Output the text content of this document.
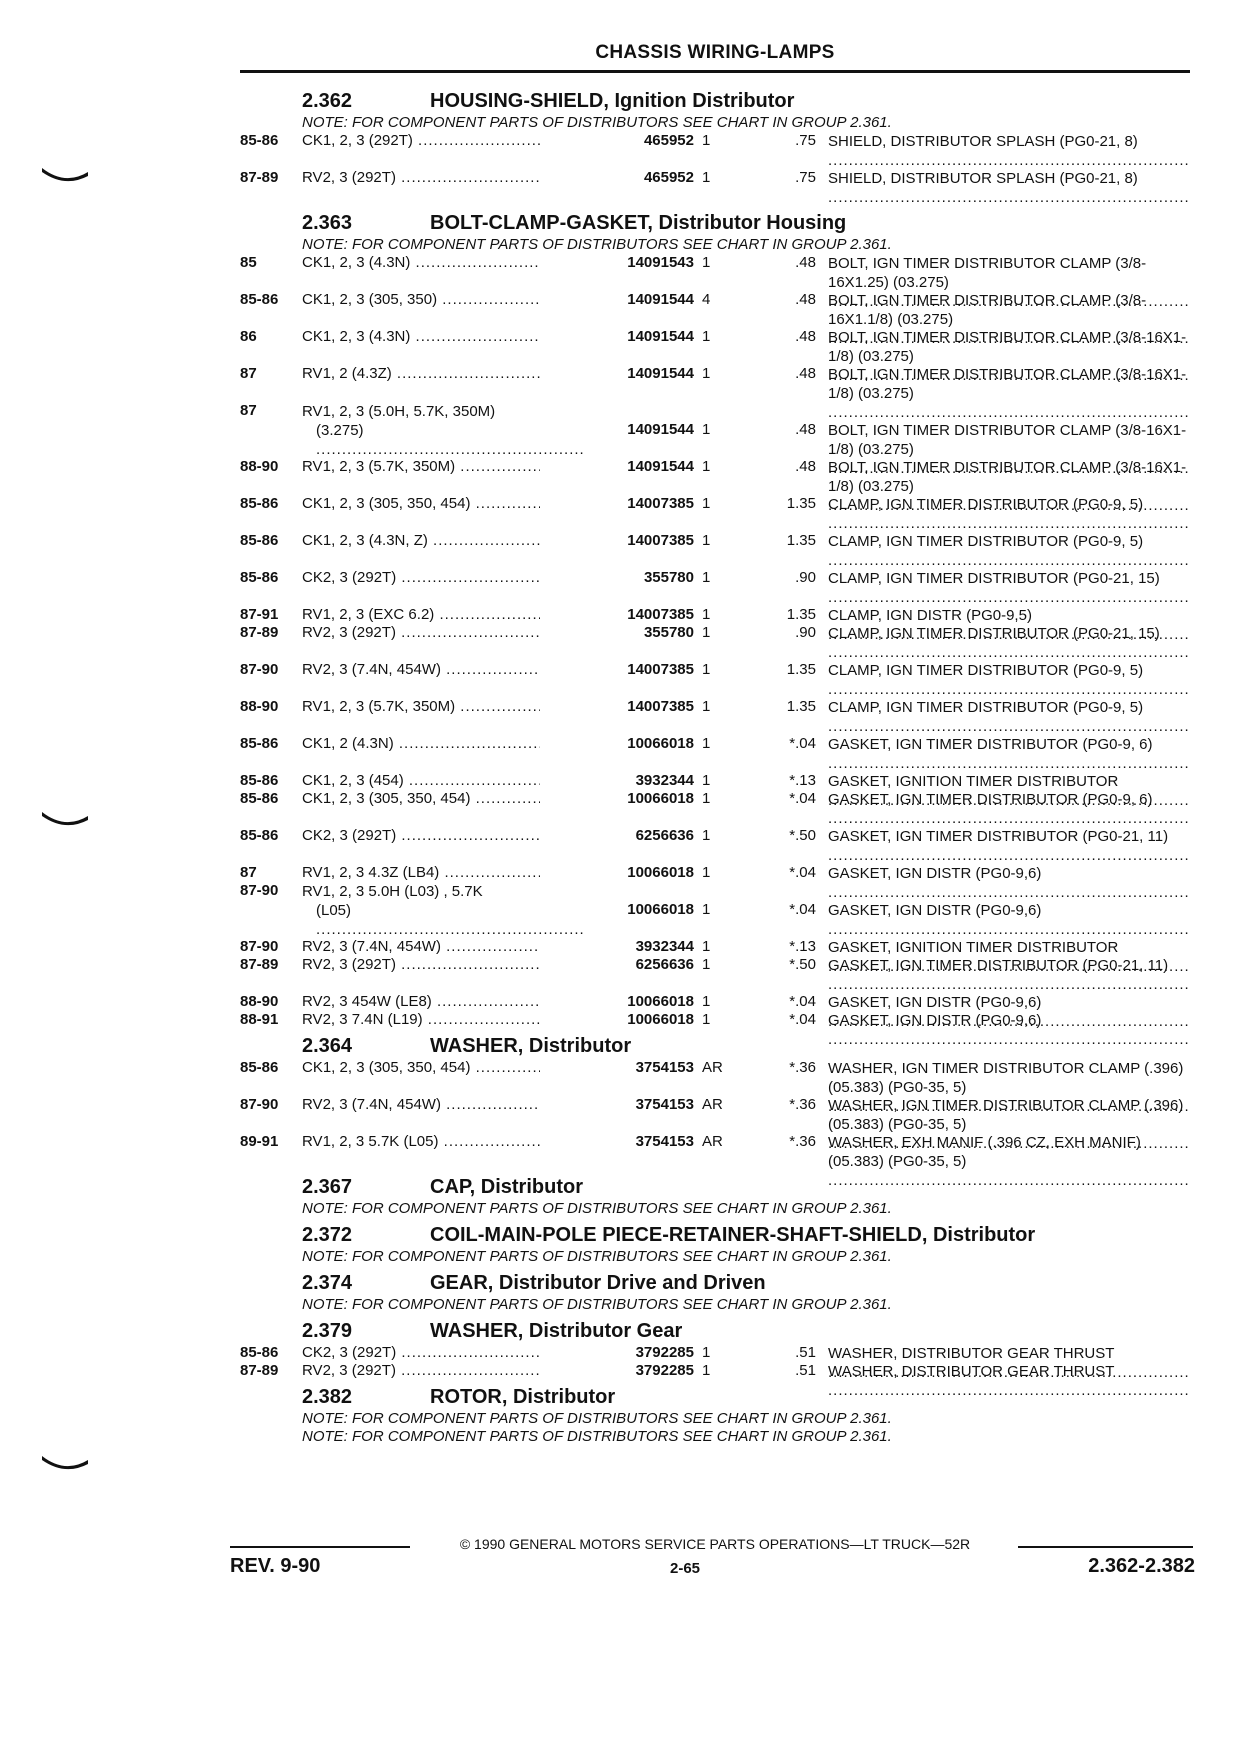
CHASSIS WIRING-LAMPS
2.362	HOUSING-SHIELD, Ignition Distributor
NOTE: FOR COMPONENT PARTS OF DISTRIBUTORS SEE CHART IN GROUP 2.361.
85-86 CK1, 2, 3 (292T) .....	465952 1	.75 SHIELD, DISTRIBUTOR SPLASH (PG0-21, 8) .....
87-89 RV2, 3 (292T) .....	465952 1	.75 SHIELD, DISTRIBUTOR SPLASH (PG0-21, 8) .....
2.363	BOLT-CLAMP-GASKET, Distributor Housing
NOTE: FOR COMPONENT PARTS OF DISTRIBUTORS SEE CHART IN GROUP 2.361.
85	CK1, 2, 3 (4.3N) .....	14091543 1	.48 BOLT, IGN TIMER DISTRIBUTOR CLAMP (3/8-16X1.25) (03.275) .....
85-86 CK1, 2, 3 (305, 350) .....	14091544 4	.48 BOLT, IGN TIMER DISTRIBUTOR CLAMP (3/8-16X1.1/8) (03.275) .....
86	CK1, 2, 3 (4.3N) .....	14091544 1	.48 BOLT, IGN TIMER DISTRIBUTOR CLAMP (3/8-16X1-1/8) (03.275) .....
87	RV1, 2 (4.3Z) .....	14091544 1	.48 BOLT, IGN TIMER DISTRIBUTOR CLAMP (3/8-16X1-1/8) (03.275) .....
87	RV1, 2, 3 (5.0H, 5.7K, 350M)
(3.275) .....	14091544 1	.48 BOLT, IGN TIMER DISTRIBUTOR CLAMP (3/8-16X1-1/8) (03.275) .....
88-90 RV1, 2, 3 (5.7K, 350M) .....	14091544 1	.48 BOLT, IGN TIMER DISTRIBUTOR CLAMP (3/8-16X1-1/8) (03.275) .....
85-86 CK1, 2, 3 (305, 350, 454) .....	14007385 1	1.35 CLAMP, IGN TIMER DISTRIBUTOR (PG0-9, 5) .....
85-86 CK1, 2, 3 (4.3N, Z) .....	14007385 1	1.35 CLAMP, IGN TIMER DISTRIBUTOR (PG0-9, 5) .....
85-86 CK2, 3 (292T) .....	355780 1	.90 CLAMP, IGN TIMER DISTRIBUTOR (PG0-21, 15) .....
87-91 RV1, 2, 3 (EXC 6.2) .....	14007385 1	1.35 CLAMP, IGN DISTR (PG0-9,5) .....
87-89 RV2, 3 (292T) .....	355780 1	.90 CLAMP, IGN TIMER DISTRIBUTOR (PG0-21, 15) .....
87-90 RV2, 3 (7.4N, 454W) .....	14007385 1	1.35 CLAMP, IGN TIMER DISTRIBUTOR (PG0-9, 5) .....
88-90 RV1, 2, 3 (5.7K, 350M) .....	14007385 1	1.35 CLAMP, IGN TIMER DISTRIBUTOR (PG0-9, 5) .....
85-86 CK1, 2 (4.3N) .....	10066018 1	*.04 GASKET, IGN TIMER DISTRIBUTOR (PG0-9, 6) .....
85-86 CK1, 2, 3 (454) .....	3932344 1	*.13 GASKET, IGNITION TIMER DISTRIBUTOR .....
85-86 CK1, 2, 3 (305, 350, 454) .....	10066018 1	*.04 GASKET, IGN TIMER DISTRIBUTOR (PG0-9, 6) .....
85-86 CK2, 3 (292T) .....	6256636 1	*.50 GASKET, IGN TIMER DISTRIBUTOR (PG0-21, 11) .....
87	RV1, 2, 3 4.3Z (LB4) .....	10066018 1	*.04 GASKET, IGN DISTR (PG0-9,6) .....
87-90 RV1, 2, 3 5.0H (L03) , 5.7K
(L05) .....	10066018 1	*.04 GASKET, IGN DISTR (PG0-9,6) .....
87-90 RV2, 3 (7.4N, 454W) .....	3932344 1	*.13 GASKET, IGNITION TIMER DISTRIBUTOR .....
87-89 RV2, 3 (292T) .....	6256636 1	*.50 GASKET, IGN TIMER DISTRIBUTOR (PG0-21, 11) .....
88-90 RV2, 3 454W (LE8) .....	10066018 1	*.04 GASKET, IGN DISTR (PG0-9,6) .....
88-91 RV2, 3 7.4N (L19) .....	10066018 1	*.04 GASKET, IGN DISTR (PG0-9,6) .....
2.364	WASHER, Distributor
85-86 CK1, 2, 3 (305, 350, 454) .....	3754153 AR	*.36 WASHER, IGN TIMER DISTRIBUTOR CLAMP (.396) (05.383) (PG0-35, 5) .....
87-90 RV2, 3 (7.4N, 454W) .....	3754153 AR	*.36 WASHER, IGN TIMER DISTRIBUTOR CLAMP (.396) (05.383) (PG0-35, 5) .....
89-91 RV1, 2, 3 5.7K (L05) .....	3754153 AR	*.36 WASHER, EXH MANIF (.396 CZ, EXH MANIF) (05.383) (PG0-35, 5) .....
2.367	CAP, Distributor
NOTE: FOR COMPONENT PARTS OF DISTRIBUTORS SEE CHART IN GROUP 2.361.
2.372	COIL-MAIN-POLE PIECE-RETAINER-SHAFT-SHIELD, Distributor
NOTE: FOR COMPONENT PARTS OF DISTRIBUTORS SEE CHART IN GROUP 2.361.
2.374	GEAR, Distributor Drive and Driven
NOTE: FOR COMPONENT PARTS OF DISTRIBUTORS SEE CHART IN GROUP 2.361.
2.379	WASHER, Distributor Gear
85-86 CK2, 3 (292T) .....	3792285 1	.51 WASHER, DISTRIBUTOR GEAR THRUST .....
87-89 RV2, 3 (292T) .....	3792285 1	.51 WASHER, DISTRIBUTOR GEAR THRUST .....
2.382	ROTOR, Distributor
NOTE: FOR COMPONENT PARTS OF DISTRIBUTORS SEE CHART IN GROUP 2.361.
NOTE: FOR COMPONENT PARTS OF DISTRIBUTORS SEE CHART IN GROUP 2.361.
© 1990 GENERAL MOTORS SERVICE PARTS OPERATIONS—LT TRUCK—52R
REV. 9-90	2-65	2.362-2.382
